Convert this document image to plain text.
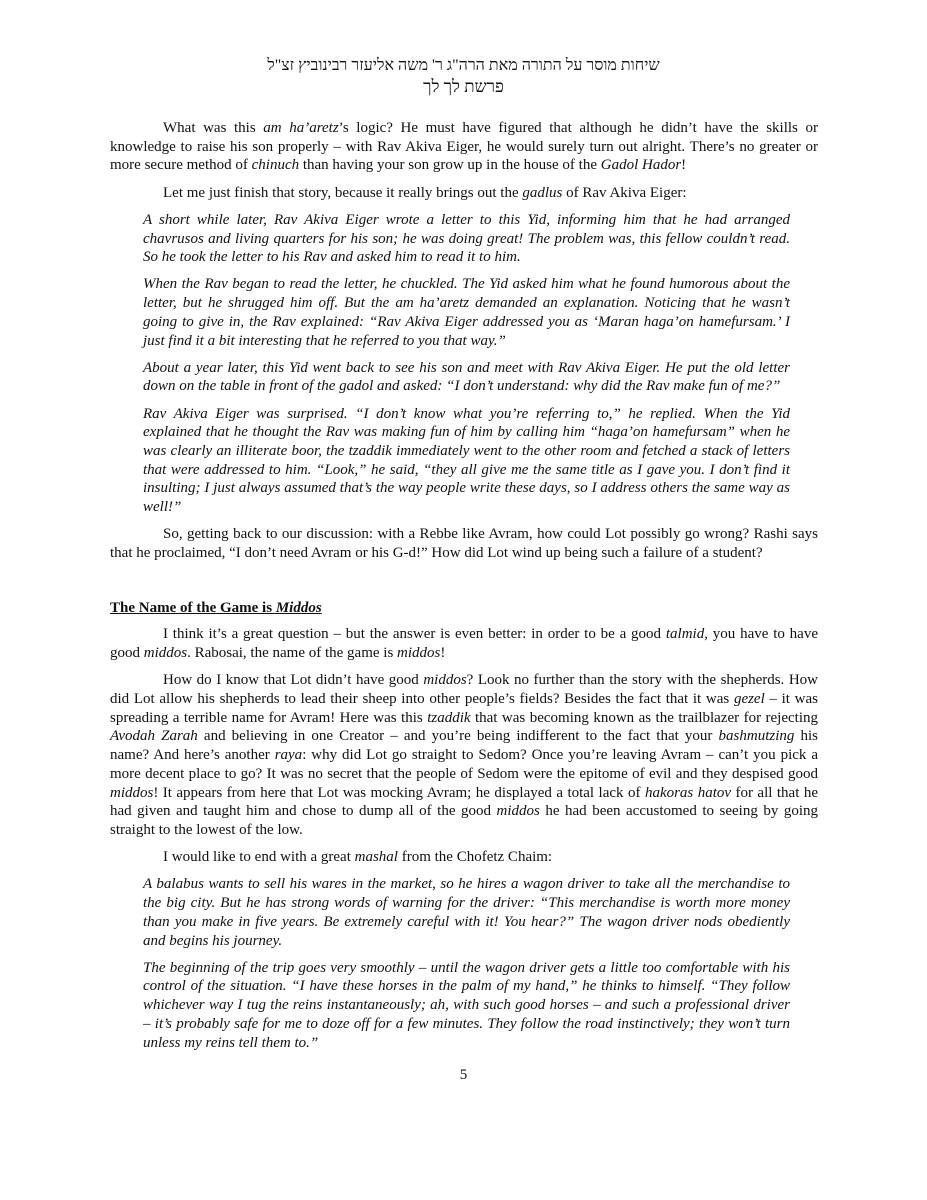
שיחות מוסר על התורה מאת הרה"ג ר' משה אליעזר רבינוביץ זצ"ל
פרשת לך לך

What was this am ha’aretz’s logic? He must have figured that although he didn’t have the skills or knowledge to raise his son properly – with Rav Akiva Eiger, he would surely turn out alright. There’s no greater or more secure method of chinuch than having your son grow up in the house of the Gadol Hador!

Let me just finish that story, because it really brings out the gadlus of Rav Akiva Eiger:

A short while later, Rav Akiva Eiger wrote a letter to this Yid, informing him that he had arranged chavrusos and living quarters for his son; he was doing great! The problem was, this fellow couldn’t read. So he took the letter to his Rav and asked him to read it to him.

When the Rav began to read the letter, he chuckled. The Yid asked him what he found humorous about the letter, but he shrugged him off. But the am ha’aretz demanded an explanation. Noticing that he wasn’t going to give in, the Rav explained: “Rav Akiva Eiger addressed you as ‘Maran haga’on hamefursam.’ I just find it a bit interesting that he referred to you that way.”

About a year later, this Yid went back to see his son and meet with Rav Akiva Eiger. He put the old letter down on the table in front of the gadol and asked: “I don’t understand: why did the Rav make fun of me?”

Rav Akiva Eiger was surprised. “I don’t know what you’re referring to,” he replied. When the Yid explained that he thought the Rav was making fun of him by calling him “haga’on hamefursam” when he was clearly an illiterate boor, the tzaddik immediately went to the other room and fetched a stack of letters that were addressed to him. “Look,” he said, “they all give me the same title as I gave you. I don’t find it insulting; I just always assumed that’s the way people write these days, so I address others the same way as well!”

So, getting back to our discussion: with a Rebbe like Avram, how could Lot possibly go wrong? Rashi says that he proclaimed, “I don’t need Avram or his G-d!” How did Lot wind up being such a failure of a student?

The Name of the Game is Middos

I think it’s a great question – but the answer is even better: in order to be a good talmid, you have to have good middos. Rabosai, the name of the game is middos!

How do I know that Lot didn’t have good middos? Look no further than the story with the shepherds. How did Lot allow his shepherds to lead their sheep into other people’s fields? Besides the fact that it was gezel – it was spreading a terrible name for Avram! Here was this tzaddik that was becoming known as the trailblazer for rejecting Avodah Zarah and believing in one Creator – and you’re being indifferent to the fact that your bashmutzing his name? And here’s another raya: why did Lot go straight to Sedom? Once you’re leaving Avram – can’t you pick a more decent place to go? It was no secret that the people of Sedom were the epitome of evil and they despised good middos! It appears from here that Lot was mocking Avram; he displayed a total lack of hakoras hatov for all that he had given and taught him and chose to dump all of the good middos he had been accustomed to seeing by going straight to the lowest of the low.

I would like to end with a great mashal from the Chofetz Chaim:

A balabus wants to sell his wares in the market, so he hires a wagon driver to take all the merchandise to the big city. But he has strong words of warning for the driver: “This merchandise is worth more money than you make in five years. Be extremely careful with it! You hear?” The wagon driver nods obediently and begins his journey.

The beginning of the trip goes very smoothly – until the wagon driver gets a little too comfortable with his control of the situation. “I have these horses in the palm of my hand,” he thinks to himself. “They follow whichever way I tug the reins instantaneously; ah, with such good horses – and such a professional driver – it’s probably safe for me to doze off for a few minutes. They follow the road instinctively; they won’t turn unless my reins tell them to.”

5
